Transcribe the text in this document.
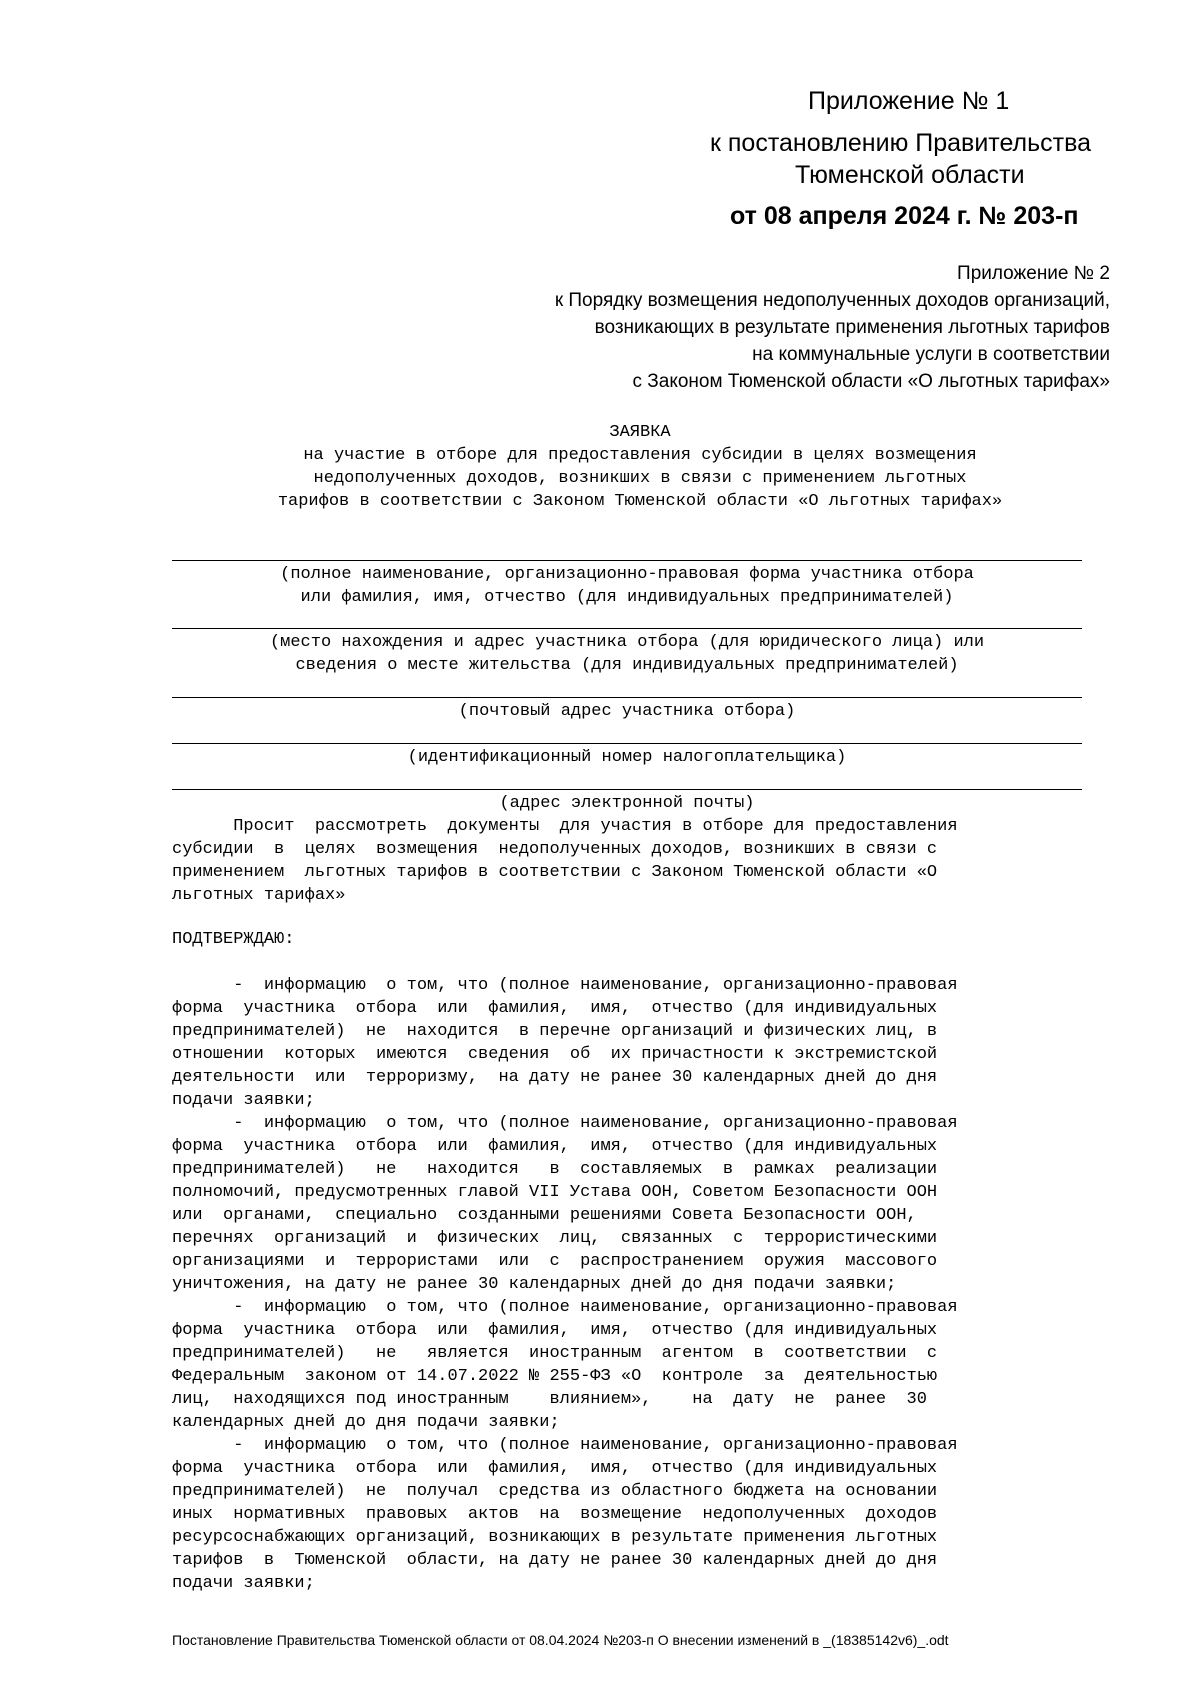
Приложение № 1
к постановлению Правительства
Тюменской области
от 08 апреля 2024 г. № 203-п
Приложение № 2
к Порядку возмещения недополученных доходов организаций,
возникающих в результате применения льготных тарифов
на коммунальные услуги в соответствии
с Законом Тюменской области «О льготных тарифах»
ЗАЯВКА
на участие в отборе для предоставления субсидии в целях возмещения
недополученных доходов, возникших в связи с применением льготных
тарифов в соответствии с Законом Тюменской области «О льготных тарифах»
(полное наименование, организационно-правовая форма участника отбора
или фамилия, имя, отчество (для индивидуальных предпринимателей)
(место нахождения и адрес участника отбора (для юридического лица) или
сведения о месте жительства (для индивидуальных предпринимателей)
(почтовый адрес участника отбора)
(идентификационный номер налогоплательщика)
(адрес электронной почты)
Просит  рассмотреть  документы  для участия в отборе для предоставления
субсидии  в  целях  возмещения  недополученных доходов, возникших в связи с
применением  льготных тарифов в соответствии с Законом Тюменской области «О
льготных тарифах»
ПОДТВЕРЖДАЮ:
-  информацию  о том, что (полное наименование, организационно-правовая
форма  участника  отбора  или  фамилия,  имя,  отчество (для индивидуальных
предпринимателей)  не  находится  в перечне организаций и физических лиц, в
отношении  которых  имеются  сведения  об  их причастности к экстремистской
деятельности  или  терроризму,  на дату не ранее 30 календарных дней до дня
подачи заявки;
-  информацию  о том, что (полное наименование, организационно-правовая
форма  участника  отбора  или  фамилия,  имя,  отчество (для индивидуальных
предпринимателей)   не   находится   в  составляемых  в  рамках  реализации
полномочий, предусмотренных главой VII Устава ООН, Советом Безопасности ООН
или  органами,  специально  созданными решениями Совета Безопасности ООН,
перечнях  организаций  и  физических  лиц,  связанных  с  террористическими
организациями  и  террористами  или  с  распространением  оружия  массового
уничтожения, на дату не ранее 30 календарных дней до дня подачи заявки;
-  информацию  о том, что (полное наименование, организационно-правовая
форма  участника  отбора  или  фамилия,  имя,  отчество (для индивидуальных
предпринимателей)   не   является  иностранным  агентом  в  соответствии  с
Федеральным  законом от 14.07.2022 № 255-ФЗ «О  контроле  за  деятельностью
лиц,  находящихся под иностранным    влиянием»,    на  дату  не  ранее  30
календарных дней до дня подачи заявки;
-  информацию  о том, что (полное наименование, организационно-правовая
форма  участника  отбора  или  фамилия,  имя,  отчество (для индивидуальных
предпринимателей)  не  получал  средства из областного бюджета на основании
иных  нормативных  правовых  актов  на  возмещение  недополученных  доходов
ресурсоснабжающих организаций, возникающих в результате применения льготных
тарифов  в  Тюменской  области, на дату не ранее 30 календарных дней до дня
подачи заявки;
Постановление Правительства Тюменской области от 08.04.2024 №203-п О внесении изменений в _(18385142v6)_.odt
